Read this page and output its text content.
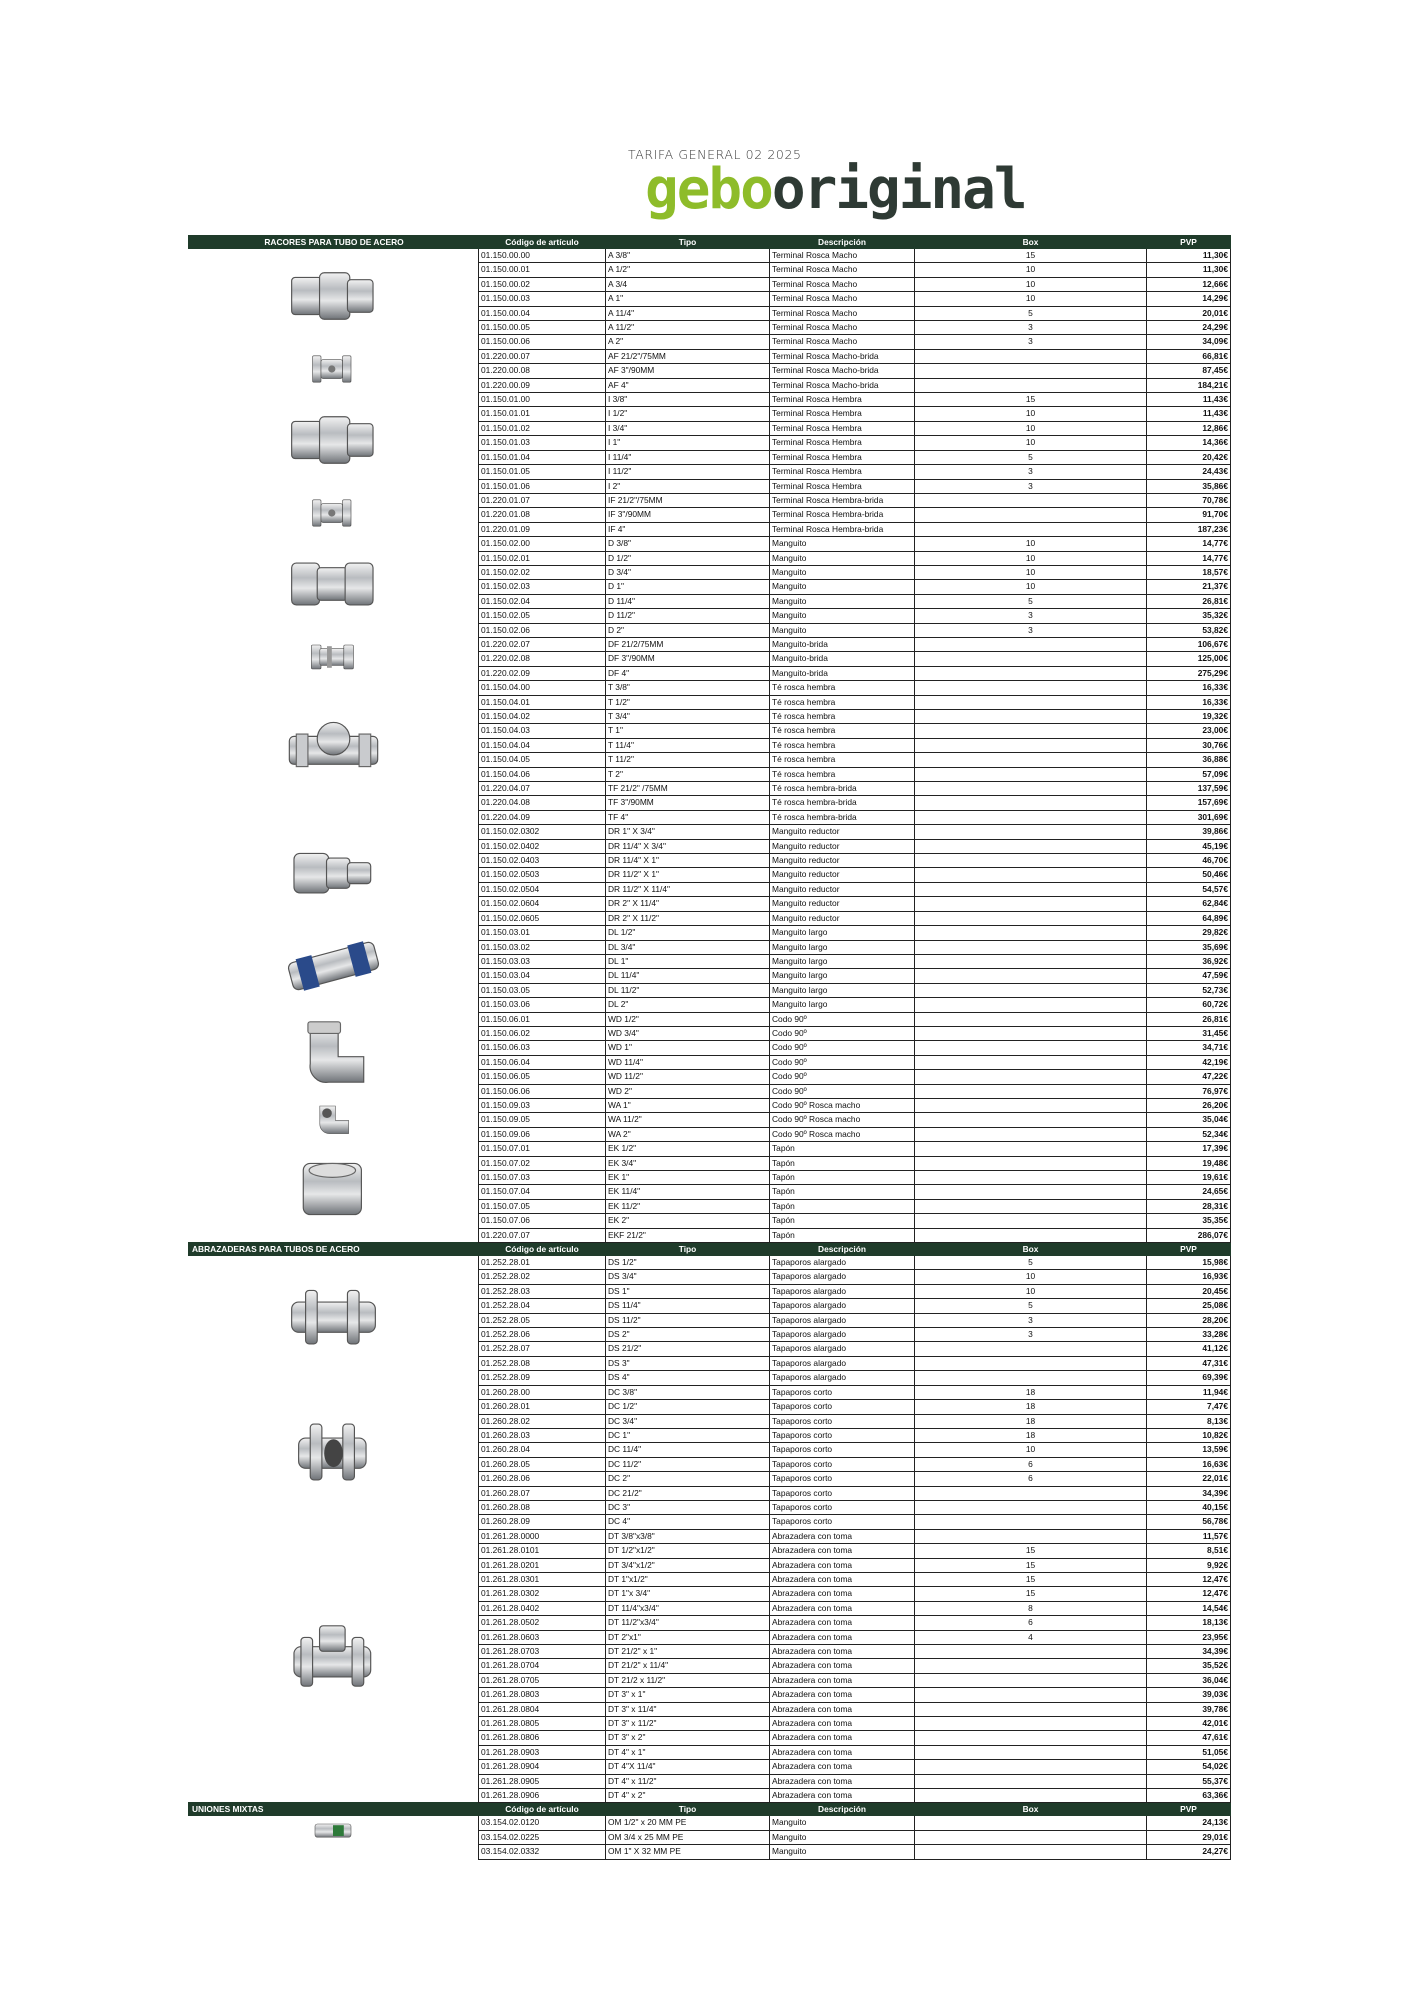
TARIFA GENERAL 02 2025
gebooriginal
RACORES PARA TUBO DE ACERO	Código de artículo	Tipo	Descripción	Box	PVP

	01.150.00.00	A 3/8"	Terminal Rosca Macho	15	11,30€
	01.150.00.01	A 1/2"	Terminal Rosca Macho	10	11,30€
	01.150.00.02	A 3/4	Terminal Rosca Macho	10	12,66€
	01.150.00.03	A 1"	Terminal Rosca Macho	10	14,29€
	01.150.00.04	A 11/4"	Terminal Rosca Macho	5	20,01€
	01.150.00.05	A 11/2"	Terminal Rosca Macho	3	24,29€
	01.150.00.06	A 2"	Terminal Rosca Macho	3	34,09€

	01.220.00.07	AF 21/2"/75MM	Terminal Rosca Macho-brida		66,81€
	01.220.00.08	AF 3"/90MM	Terminal Rosca Macho-brida		87,45€
	01.220.00.09	AF 4"	Terminal Rosca Macho-brida		184,21€

	01.150.01.00	I 3/8"	Terminal Rosca Hembra	15	11,43€
	01.150.01.01	I 1/2"	Terminal Rosca Hembra	10	11,43€
	01.150.01.02	I 3/4"	Terminal Rosca Hembra	10	12,86€
	01.150.01.03	I 1"	Terminal Rosca Hembra	10	14,36€
	01.150.01.04	I 11/4"	Terminal Rosca Hembra	5	20,42€
	01.150.01.05	I 11/2"	Terminal Rosca Hembra	3	24,43€
	01.150.01.06	I 2"	Terminal Rosca Hembra	3	35,86€

	01.220.01.07	IF 21/2"/75MM	Terminal Rosca Hembra-brida		70,78€
	01.220.01.08	IF 3"/90MM	Terminal Rosca Hembra-brida		91,70€
	01.220.01.09	IF 4"	Terminal Rosca Hembra-brida		187,23€

	01.150.02.00	D 3/8"	Manguito	10	14,77€
	01.150.02.01	D 1/2"	Manguito	10	14,77€
	01.150.02.02	D 3/4"	Manguito	10	18,57€
	01.150.02.03	D 1"	Manguito	10	21,37€
	01.150.02.04	D 11/4"	Manguito	5	26,81€
	01.150.02.05	D 11/2"	Manguito	3	35,32€
	01.150.02.06	D 2"	Manguito	3	53,82€

	01.220.02.07	DF 21/2/75MM	Manguito-brida		106,67€
	01.220.02.08	DF 3"/90MM	Manguito-brida		125,00€
	01.220.02.09	DF 4"	Manguito-brida		275,29€

	01.150.04.00	T 3/8"	Té rosca hembra		16,33€
	01.150.04.01	T 1/2"	Té rosca hembra		16,33€
	01.150.04.02	T 3/4"	Té rosca hembra		19,32€
	01.150.04.03	T 1"	Té rosca hembra		23,00€
	01.150.04.04	T 11/4"	Té rosca hembra		30,76€
	01.150.04.05	T 11/2"	Té rosca hembra		36,88€
	01.150.04.06	T 2"	Té rosca hembra		57,09€
	01.220.04.07	TF 21/2" /75MM	Té rosca hembra-brida		137,59€
	01.220.04.08	TF 3"/90MM	Té rosca hembra-brida		157,69€
	01.220.04.09	TF 4"	Té rosca hembra-brida		301,69€

	01.150.02.0302	DR 1" X 3/4"	Manguito reductor		39,86€
	01.150.02.0402	DR 11/4" X 3/4"	Manguito reductor		45,19€
	01.150.02.0403	DR 11/4" X 1"	Manguito reductor		46,70€
	01.150.02.0503	DR 11/2" X 1"	Manguito reductor		50,46€
	01.150.02.0504	DR 11/2" X 11/4"	Manguito reductor		54,57€
	01.150.02.0604	DR 2" X 11/4"	Manguito reductor		62,84€
	01.150.02.0605	DR 2" X 11/2"	Manguito reductor		64,89€

	01.150.03.01	DL 1/2"	Manguito largo		29,82€
	01.150.03.02	DL 3/4"	Manguito largo		35,69€
	01.150.03.03	DL 1"	Manguito largo		36,92€
	01.150.03.04	DL 11/4"	Manguito largo		47,59€
	01.150.03.05	DL 11/2"	Manguito largo		52,73€
	01.150.03.06	DL 2"	Manguito largo		60,72€

	01.150.06.01	WD 1/2"	Codo 90º		26,81€
	01.150.06.02	WD 3/4"	Codo 90º		31,45€
	01.150.06.03	WD 1"	Codo 90º		34,71€
	01.150.06.04	WD 11/4"	Codo 90º		42,19€
	01.150.06.05	WD 11/2"	Codo 90º		47,22€
	01.150.06.06	WD 2"	Codo 90º		76,97€

	01.150.09.03	WA 1"	Codo 90º Rosca macho		26,20€
	01.150.09.05	WA 11/2"	Codo 90º Rosca macho		35,04€
	01.150.09.06	WA 2"	Codo 90º Rosca macho		52,34€

	01.150.07.01	EK 1/2"	Tapón		17,39€
	01.150.07.02	EK 3/4"	Tapón		19,48€
	01.150.07.03	EK 1"	Tapón		19,61€
	01.150.07.04	EK 11/4"	Tapón		24,65€
	01.150.07.05	EK 11/2"	Tapón		28,31€
	01.150.07.06	EK 2"	Tapón		35,35€
	01.220.07.07	EKF 21/2"	Tapón		286,07€
ABRAZADERAS PARA TUBOS DE ACERO	Código de artículo	Tipo	Descripción	Box	PVP

	01.252.28.01	DS 1/2"	Tapaporos alargado	5	15,98€
	01.252.28.02	DS 3/4"	Tapaporos alargado	10	16,93€
	01.252.28.03	DS 1"	Tapaporos alargado	10	20,45€
	01.252.28.04	DS 11/4"	Tapaporos alargado	5	25,08€
	01.252.28.05	DS 11/2"	Tapaporos alargado	3	28,20€
	01.252.28.06	DS 2"	Tapaporos alargado	3	33,28€
	01.252.28.07	DS 21/2"	Tapaporos alargado		41,12€
	01.252.28.08	DS 3"	Tapaporos alargado		47,31€
	01.252.28.09	DS 4"	Tapaporos alargado		69,39€

	01.260.28.00	DC 3/8"	Tapaporos corto	18	11,94€
	01.260.28.01	DC 1/2"	Tapaporos corto	18	7,47€
	01.260.28.02	DC 3/4"	Tapaporos corto	18	8,13€
	01.260.28.03	DC 1"	Tapaporos corto	18	10,82€
	01.260.28.04	DC 11/4"	Tapaporos corto	10	13,59€
	01.260.28.05	DC 11/2"	Tapaporos corto	6	16,63€
	01.260.28.06	DC 2"	Tapaporos corto	6	22,01€
	01.260.28.07	DC 21/2"	Tapaporos corto		34,39€
	01.260.28.08	DC 3"	Tapaporos corto		40,15€
	01.260.28.09	DC 4"	Tapaporos corto		56,78€

	01.261.28.0000	DT 3/8"x3/8"	Abrazadera con toma		11,57€
	01.261.28.0101	DT 1/2"x1/2"	Abrazadera con toma	15	8,51€
	01.261.28.0201	DT 3/4"x1/2"	Abrazadera con toma	15	9,92€
	01.261.28.0301	DT 1"x1/2"	Abrazadera con toma	15	12,47€
	01.261.28.0302	DT 1"x 3/4"	Abrazadera con toma	15	12,47€
	01.261.28.0402	DT 11/4"x3/4"	Abrazadera con toma	8	14,54€
	01.261.28.0502	DT 11/2"x3/4"	Abrazadera con toma	6	18,13€
	01.261.28.0603	DT 2"x1"	Abrazadera con toma	4	23,95€
	01.261.28.0703	DT 21/2" x 1"	Abrazadera con toma		34,39€
	01.261.28.0704	DT 21/2" x 11/4"	Abrazadera con toma		35,52€
	01.261.28.0705	DT 21/2 x 11/2"	Abrazadera con toma		36,04€
	01.261.28.0803	DT 3" x 1"	Abrazadera con toma		39,03€
	01.261.28.0804	DT 3" x 11/4"	Abrazadera con toma		39,78€
	01.261.28.0805	DT 3" x 11/2"	Abrazadera con toma		42,01€
	01.261.28.0806	DT 3" x 2"	Abrazadera con toma		47,61€
	01.261.28.0903	DT 4" x 1"	Abrazadera con toma		51,05€
	01.261.28.0904	DT 4"X 11/4"	Abrazadera con toma		54,02€
	01.261.28.0905	DT 4" x 11/2"	Abrazadera con toma		55,37€
	01.261.28.0906	DT 4" x 2"	Abrazadera con toma		63,36€
UNIONES MIXTAS	Código de artículo	Tipo	Descripción	Box	PVP

	03.154.02.0120	OM 1/2" x 20 MM PE	Manguito		24,13€
	03.154.02.0225	OM 3/4 x 25 MM PE	Manguito		29,01€
	03.154.02.0332	OM 1" X 32 MM PE	Manguito		24,27€
